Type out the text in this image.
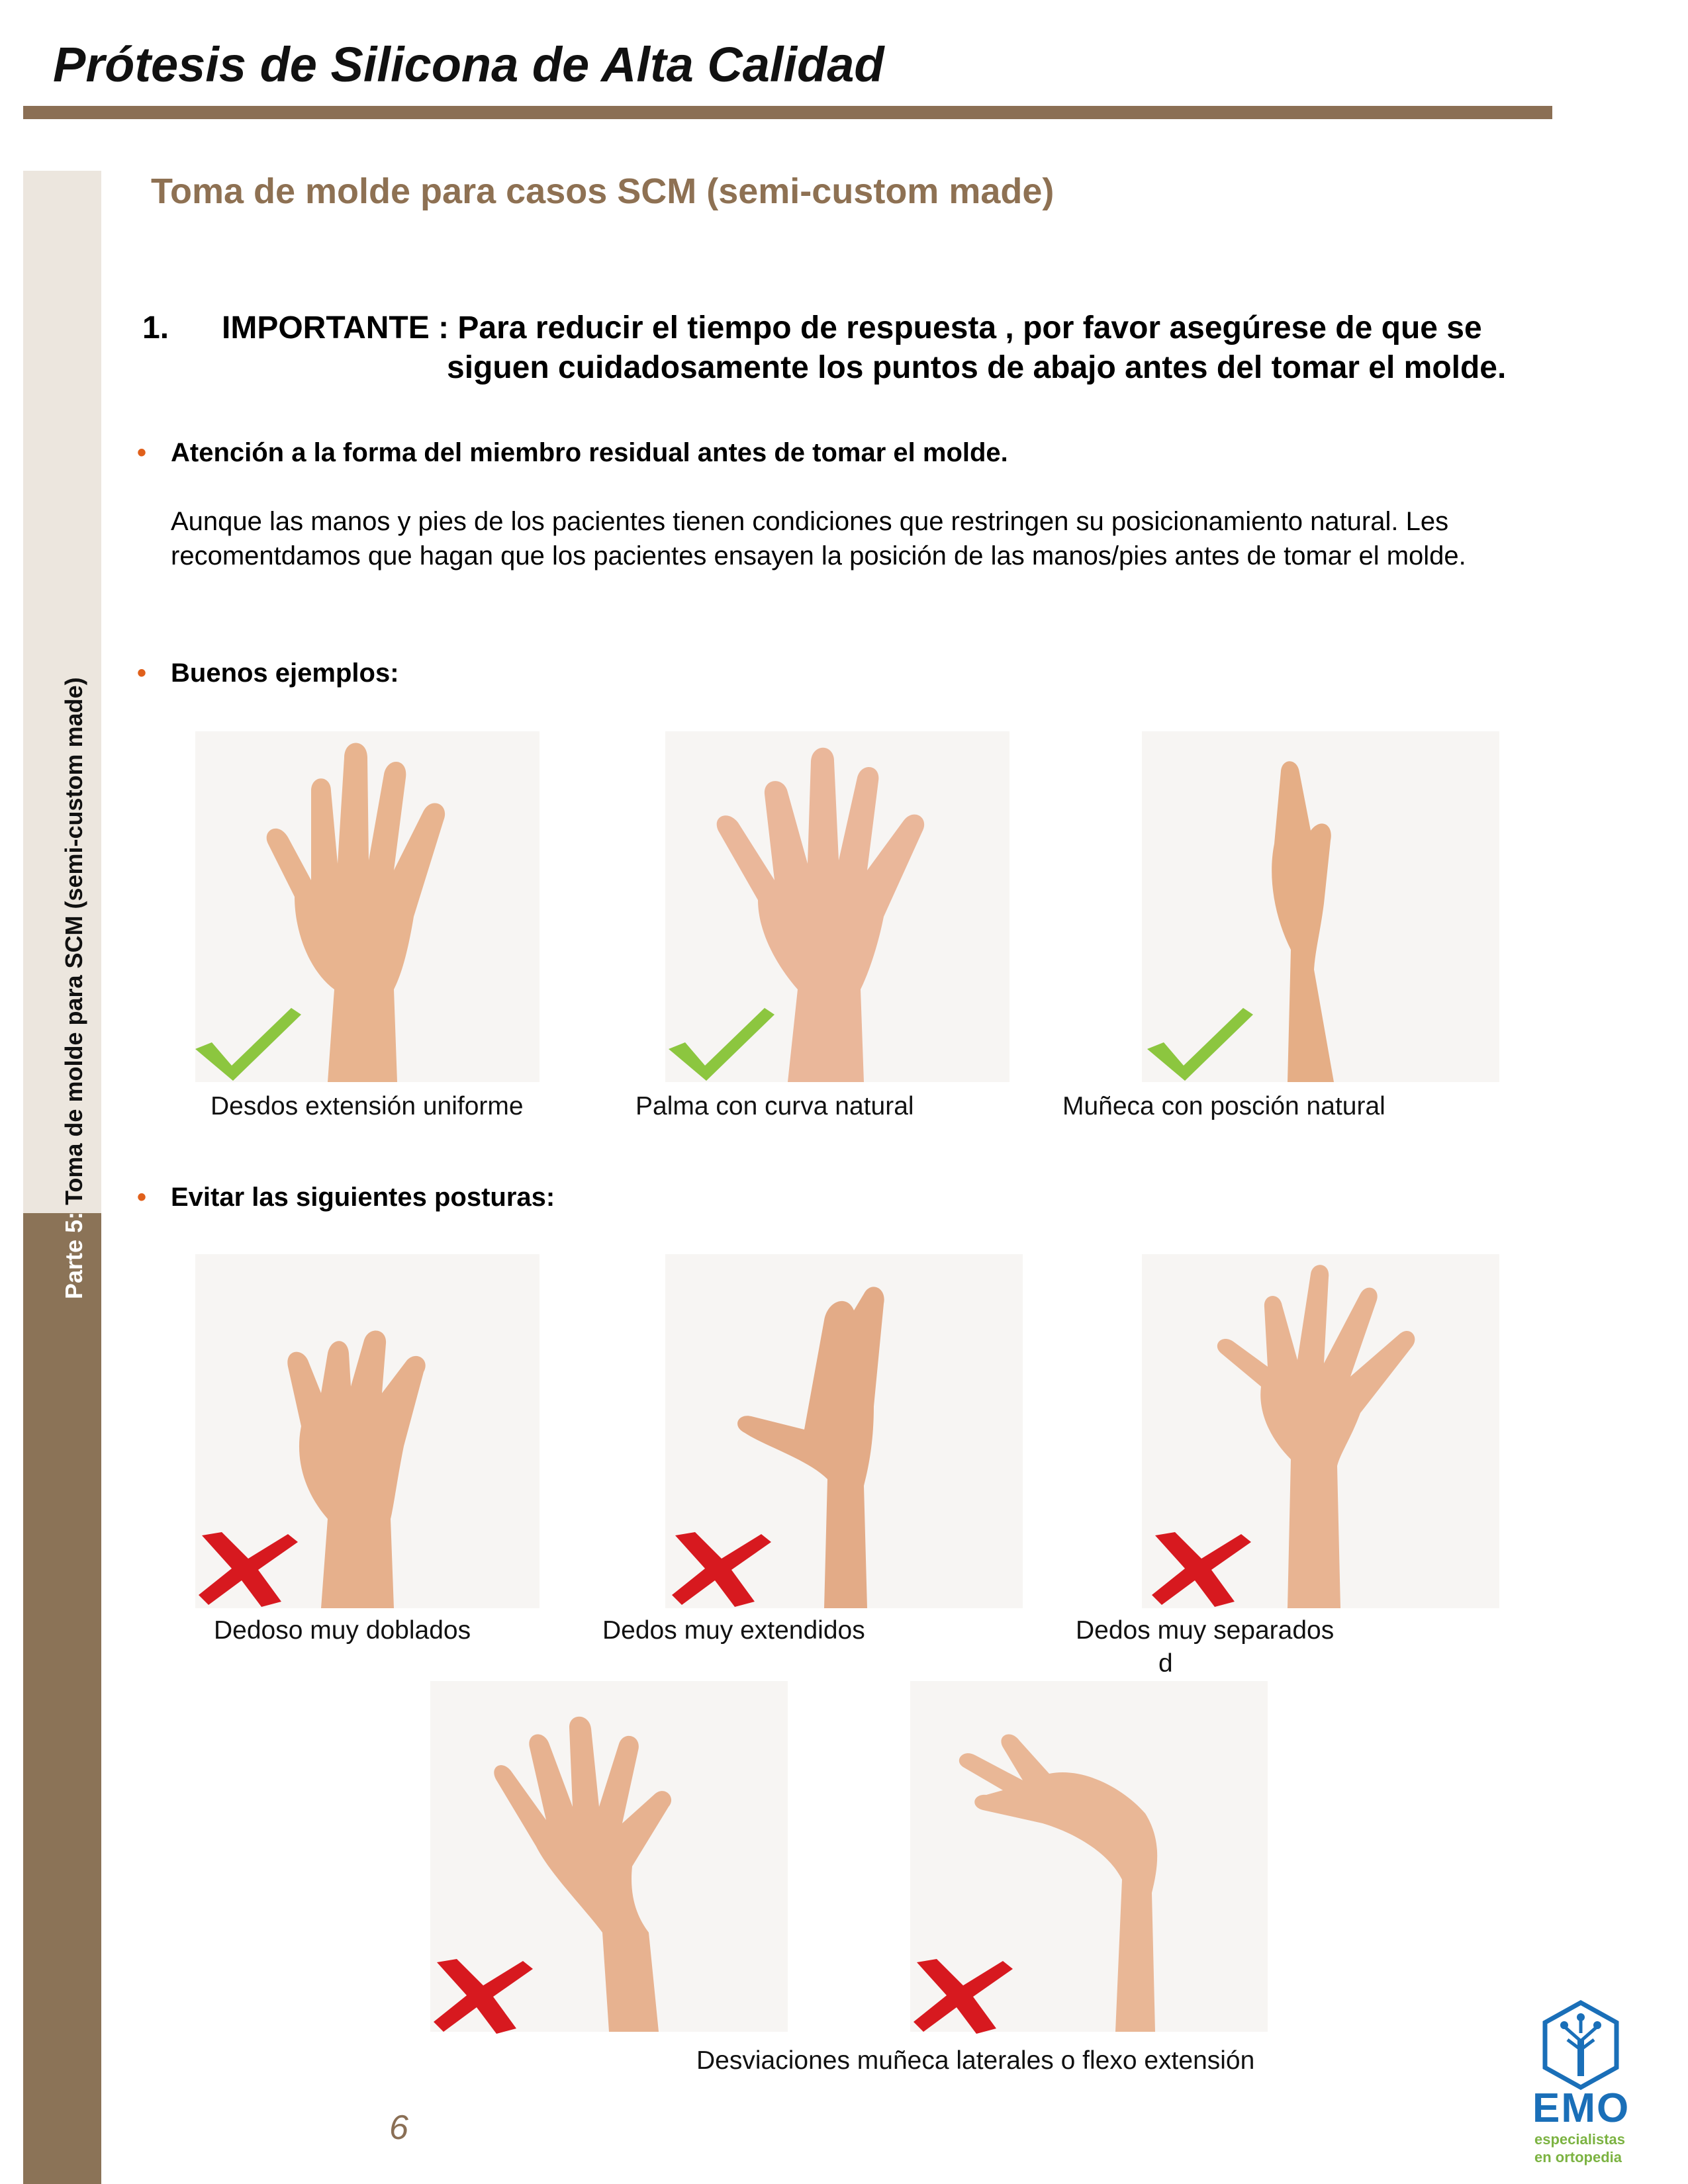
Prótesis de Silicona de Alta Calidad
Parte 5: Toma de molde para SCM (semi-custom made)
Toma de molde para casos SCM (semi-custom made)
1. IMPORTANTE : Para reducir el tiempo de respuesta , por favor asegúrese de que se
siguen cuidadosamente los puntos de abajo antes del tomar el molde.
• Atención a la forma del miembro residual antes de tomar el molde.
Aunque las manos y pies de los pacientes tienen condiciones que restringen su posicionamiento natural. Les recomentdamos que hagan que los pacientes ensayen la posición de las manos/pies antes de tomar el molde.
• Buenos ejemplos:
Desdos extensión uniforme	Palma con curva natural	Muñeca con posción natural
• Evitar las siguientes posturas:
Dedoso muy doblados	Dedos muy extendidos	Dedos muy separados
d
Desviaciones muñeca laterales o flexo extensión
6	EMO
especialistas
en ortopedia
